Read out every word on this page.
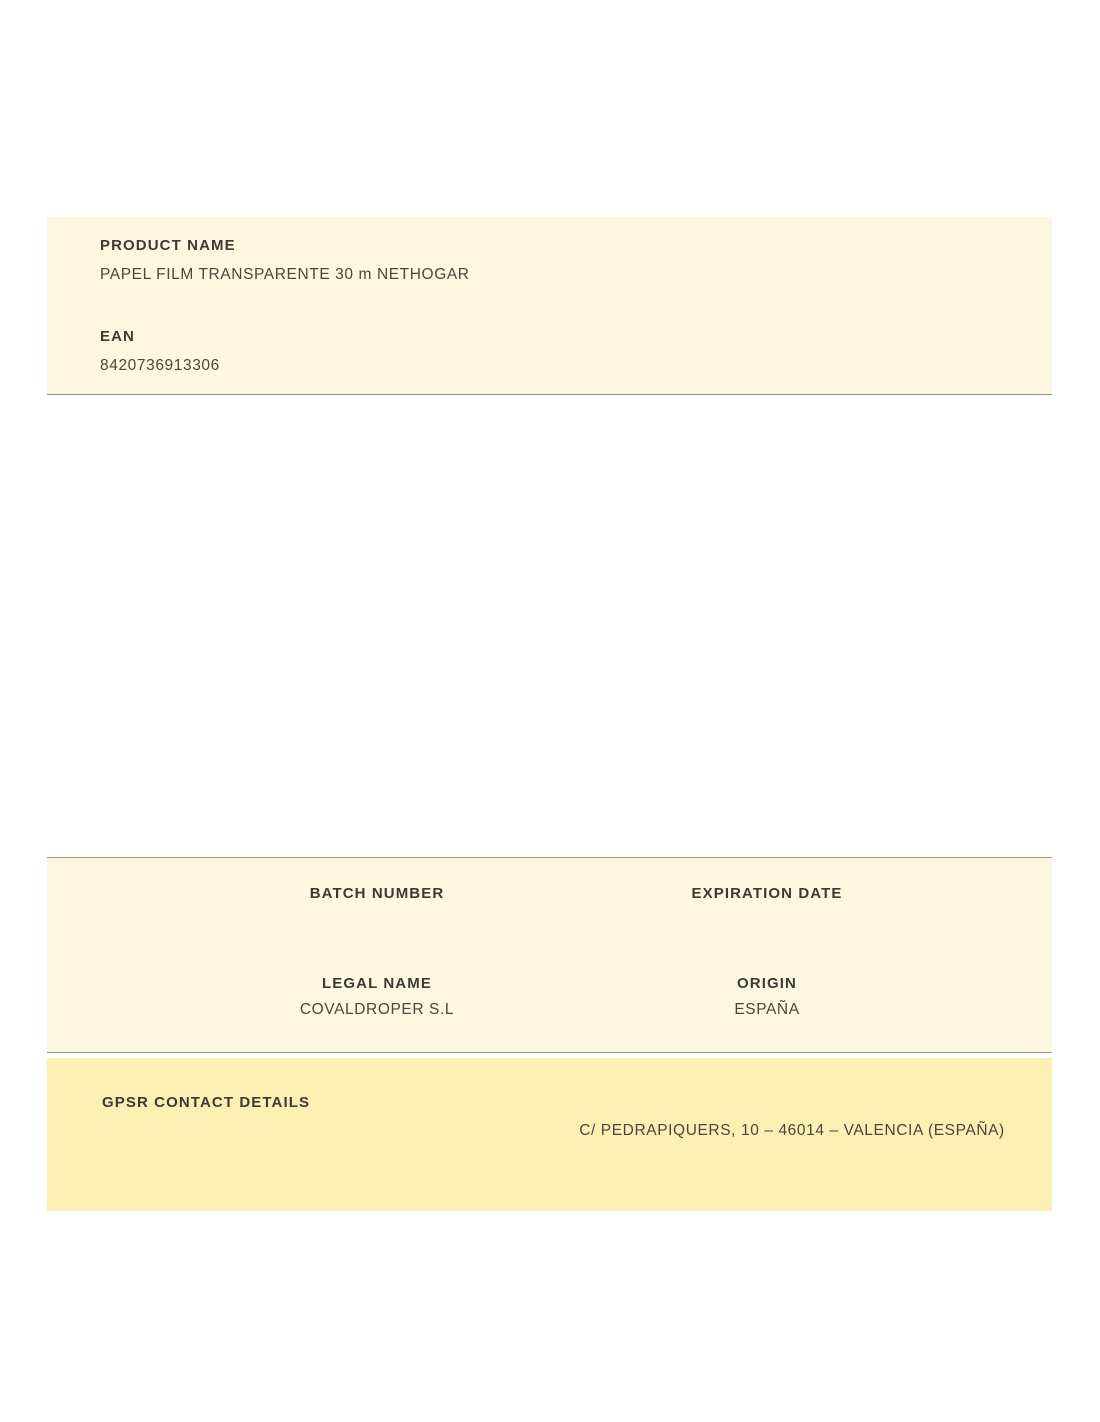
PRODUCT NAME
PAPEL FILM TRANSPARENTE 30 m NETHOGAR
EAN
8420736913306
BATCH NUMBER	EXPIRATION DATE
LEGAL NAME
COVALDROPER S.L
ORIGIN
ESPAÑA
GPSR CONTACT DETAILS
C/ PEDRAPIQUERS, 10 – 46014 – VALENCIA (ESPAÑA)
